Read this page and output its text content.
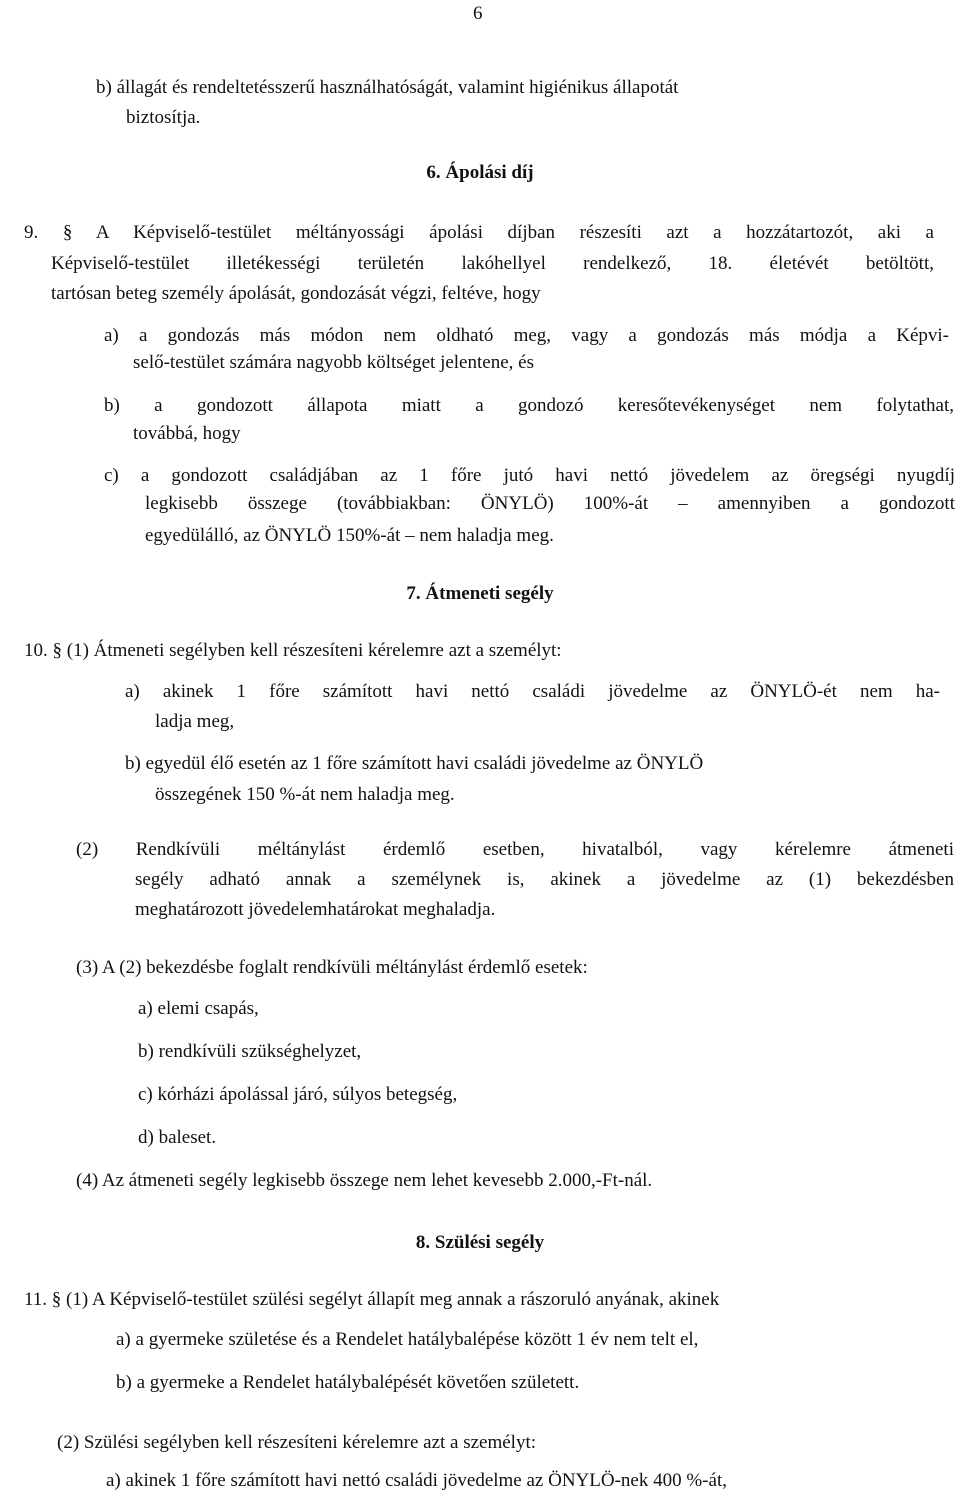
6
b) állagát és rendeltetésszerű használhatóságát, valamint higiénikus állapotát
biztosítja.
6. Ápolási díj
9. § A Képviselő-testület méltányossági ápolási díjban részesíti azt a hozzátartozót, aki a
Képviselő-testület illetékességi területén lakóhellyel rendelkező, 18. életévét betöltött,
tartósan beteg személy ápolását, gondozását végzi, feltéve, hogy
a) a gondozás más módon nem oldható meg, vagy a gondozás más módja a Képvi-
selő-testület számára nagyobb költséget jelentene, és
b) a gondozott állapota miatt a gondozó keresőtevékenységet nem folytathat,
továbbá, hogy
c) a gondozott családjában az 1 főre jutó havi nettó jövedelem az öregségi nyugdíj
legkisebb összege (továbbiakban: ÖNYLÖ) 100%-át – amennyiben a gondozott
egyedülálló, az ÖNYLÖ 150%-át – nem haladja meg.
7. Átmeneti segély
10. § (1) Átmeneti segélyben kell részesíteni kérelemre azt a személyt:
a) akinek 1 főre számított havi nettó családi jövedelme az ÖNYLÖ-ét nem ha-
ladja meg,
b) egyedül élő esetén az 1 főre számított havi családi jövedelme az ÖNYLÖ
összegének 150 %-át nem haladja meg.
(2) Rendkívüli méltánylást érdemlő esetben, hivatalból, vagy kérelemre átmeneti
segély adható annak a személynek is, akinek a jövedelme az (1) bekezdésben
meghatározott jövedelemhatárokat meghaladja.
(3) A (2) bekezdésbe foglalt rendkívüli méltánylást érdemlő esetek:
a) elemi csapás,
b) rendkívüli szükséghelyzet,
c) kórházi ápolással járó, súlyos betegség,
d) baleset.
(4) Az átmeneti segély legkisebb összege nem lehet kevesebb 2.000,-Ft-nál.
8. Szülési segély
11. § (1) A Képviselő-testület szülési segélyt állapít meg annak a rászoruló anyának, akinek
a) a gyermeke születése és a Rendelet hatálybalépése között 1 év nem telt el,
b) a gyermeke a Rendelet hatálybalépését követően született.
(2) Szülési segélyben kell részesíteni kérelemre azt a személyt:
a) akinek 1 főre számított havi nettó családi jövedelme az ÖNYLÖ-nek 400 %-át,
